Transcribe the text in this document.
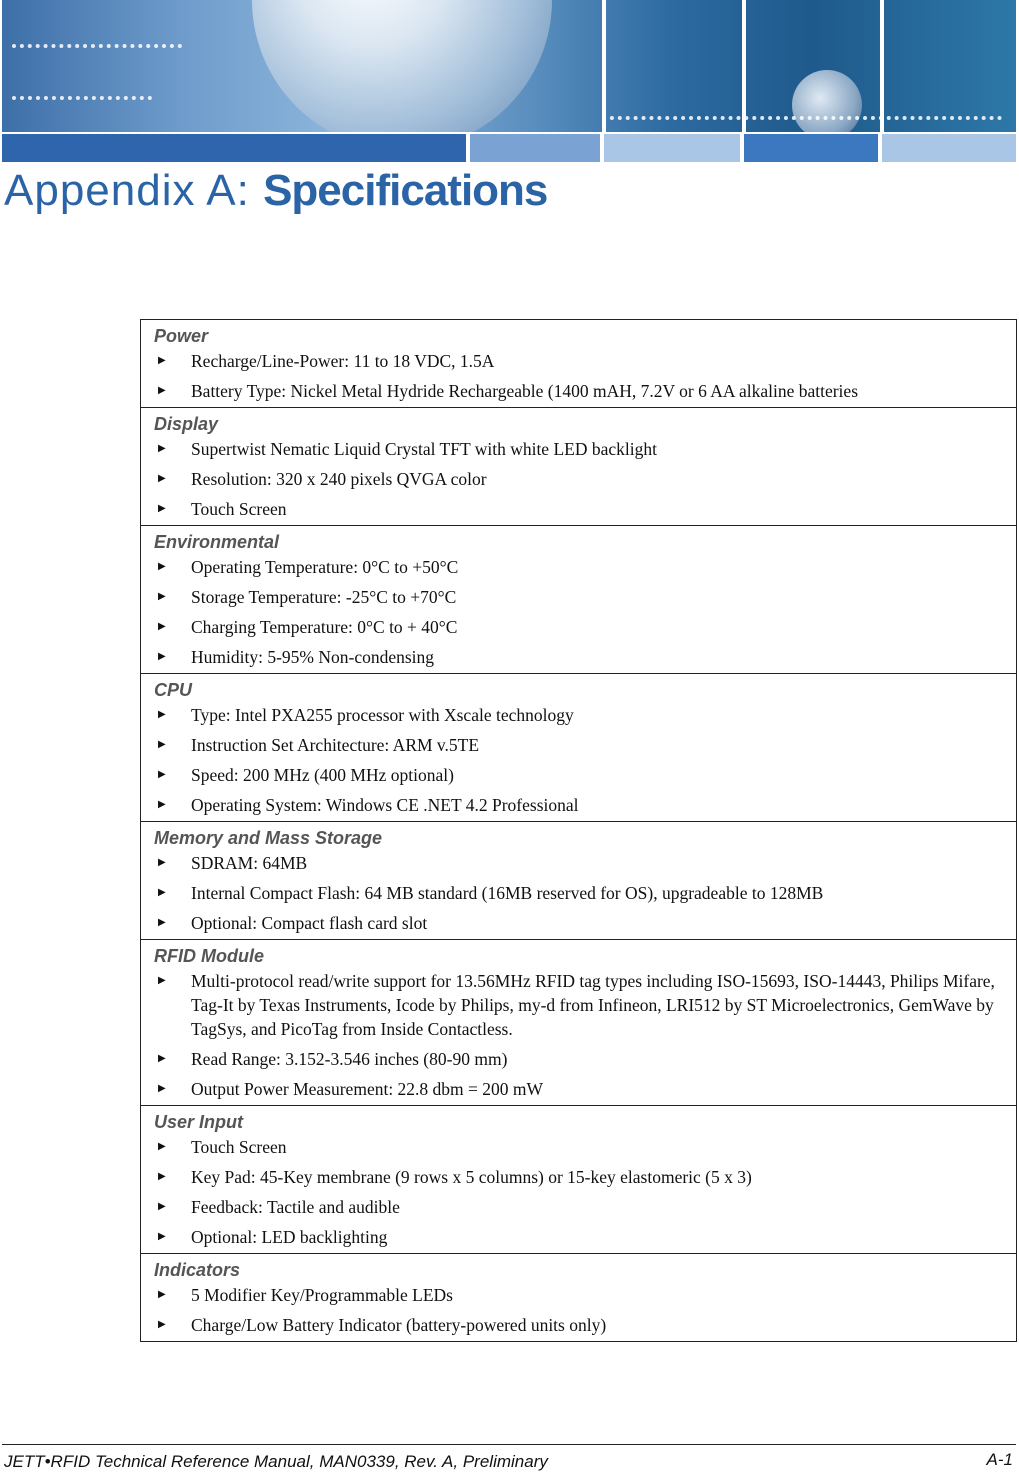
Appendix A: Specifications
Power
▶ Recharge/Line-Power: 11 to 18 VDC, 1.5A
▶ Battery Type: Nickel Metal Hydride Rechargeable (1400 mAH, 7.2V or 6 AA alkaline batteries
Display
▶ Supertwist Nematic Liquid Crystal TFT with white LED backlight
▶ Resolution: 320 x 240 pixels QVGA color
▶ Touch Screen
Environmental
▶ Operating Temperature: 0°C to +50°C
▶ Storage Temperature: -25°C to +70°C
▶ Charging Temperature: 0°C to + 40°C
▶ Humidity: 5-95% Non-condensing
CPU
▶ Type: Intel PXA255 processor with Xscale technology
▶ Instruction Set Architecture: ARM v.5TE
▶ Speed: 200 MHz (400 MHz optional)
▶ Operating System: Windows CE .NET 4.2 Professional
Memory and Mass Storage
▶ SDRAM: 64MB
▶ Internal Compact Flash: 64 MB standard (16MB reserved for OS), upgradeable to 128MB
▶ Optional: Compact flash card slot
RFID Module
▶ Multi-protocol read/write support for 13.56MHz RFID tag types including ISO-15693, ISO-14443, Philips Mifare, Tag-It by Texas Instruments, Icode by Philips, my-d from Infineon, LRI512 by ST Microelectronics, GemWave by TagSys, and PicoTag from Inside Contactless.
▶ Read Range: 3.152-3.546 inches (80-90 mm)
▶ Output Power Measurement: 22.8 dbm = 200 mW
User Input
▶ Touch Screen
▶ Key Pad: 45-Key membrane (9 rows x 5 columns) or 15-key elastomeric (5 x 3)
▶ Feedback: Tactile and audible
▶ Optional: LED backlighting
Indicators
▶ 5 Modifier Key/Programmable LEDs
▶ Charge/Low Battery Indicator (battery-powered units only)
JETT•RFID Technical Reference Manual, MAN0339, Rev. A, Preliminary	A-1
